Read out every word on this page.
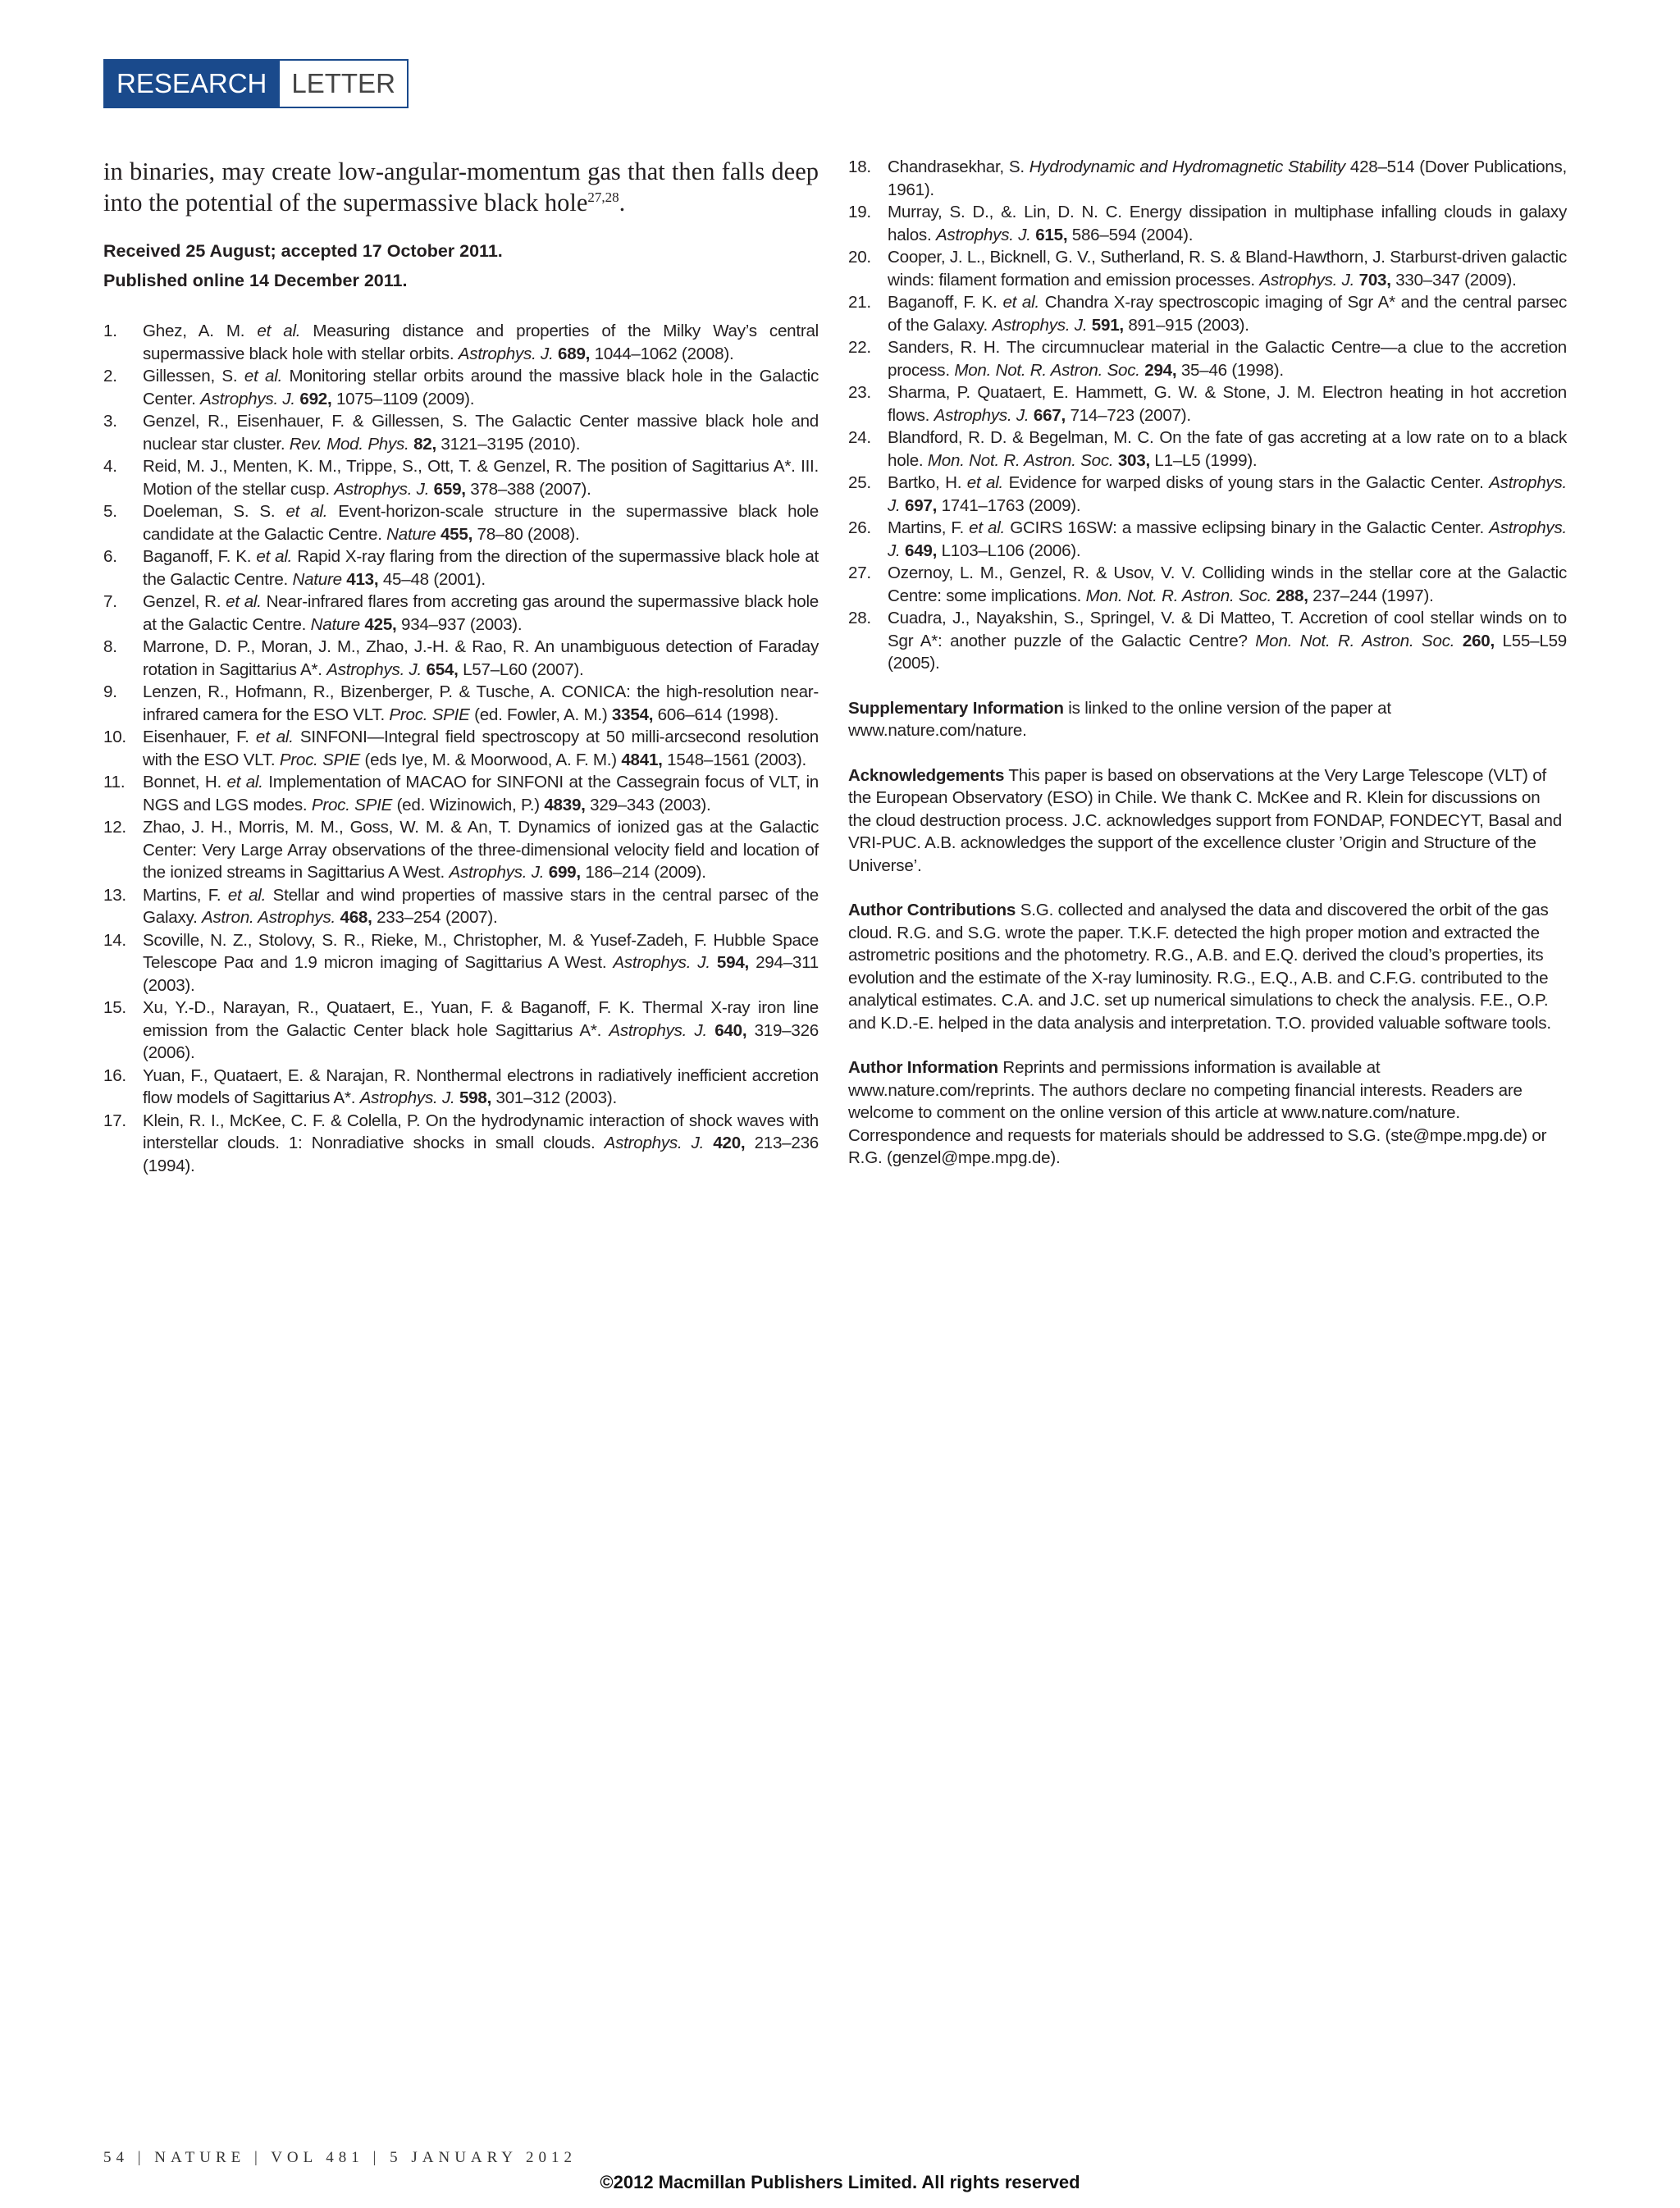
RESEARCH LETTER

in binaries, may create low-angular-momentum gas that then falls deep into the potential of the supermassive black hole$^{27,28}$.

Received 25 August; accepted 17 October 2011.
Published online 14 December 2011.
1.	Ghez, A. M. et al. Measuring distance and properties of the Milky Way’s central supermassive black hole with stellar orbits. Astrophys. J. 689, 1044–1062 (2008).
2.	Gillessen, S. et al. Monitoring stellar orbits around the massive black hole in the Galactic Center. Astrophys. J. 692, 1075–1109 (2009).
3.	Genzel, R., Eisenhauer, F. & Gillessen, S. The Galactic Center massive black hole and nuclear star cluster. Rev. Mod. Phys. 82, 3121–3195 (2010).
4.	Reid, M. J., Menten, K. M., Trippe, S., Ott, T. & Genzel, R. The position of Sagittarius A*. III. Motion of the stellar cusp. Astrophys. J. 659, 378–388 (2007).
5.	Doeleman, S. S. et al. Event-horizon-scale structure in the supermassive black hole candidate at the Galactic Centre. Nature 455, 78–80 (2008).
6.	Baganoff, F. K. et al. Rapid X-ray flaring from the direction of the supermassive black hole at the Galactic Centre. Nature 413, 45–48 (2001).
7.	Genzel, R. et al. Near-infrared flares from accreting gas around the supermassive black hole at the Galactic Centre. Nature 425, 934–937 (2003).
8.	Marrone, D. P., Moran, J. M., Zhao, J.-H. & Rao, R. An unambiguous detection of Faraday rotation in Sagittarius A*. Astrophys. J. 654, L57–L60 (2007).
9.	Lenzen, R., Hofmann, R., Bizenberger, P. & Tusche, A. CONICA: the high-resolution near-infrared camera for the ESO VLT. Proc. SPIE (ed. Fowler, A. M.) 3354, 606–614 (1998).
10. Eisenhauer, F. et al. SINFONI—Integral field spectroscopy at 50 milli-arcsecond resolution with the ESO VLT. Proc. SPIE (eds Iye, M. & Moorwood, A. F. M.) 4841, 1548–1561 (2003).
11.	Bonnet, H. et al. Implementation of MACAO for SINFONI at the Cassegrain focus of VLT, in NGS and LGS modes. Proc. SPIE (ed. Wizinowich, P.) 4839, 329–343 (2003).
12. Zhao, J. H., Morris, M. M., Goss, W. M. & An, T. Dynamics of ionized gas at the Galactic Center: Very Large Array observations of the three-dimensional velocity field and location of the ionized streams in Sagittarius A West. Astrophys. J. 699, 186–214 (2009).
13. Martins, F. et al. Stellar and wind properties of massive stars in the central parsec of the Galaxy. Astron. Astrophys. 468, 233–254 (2007).
14. Scoville, N. Z., Stolovy, S. R., Rieke, M., Christopher, M. & Yusef-Zadeh, F. Hubble Space Telescope Paα and 1.9 micron imaging of Sagittarius A West. Astrophys. J. 594, 294–311 (2003).
15. Xu, Y.-D., Narayan, R., Quataert, E., Yuan, F. & Baganoff, F. K. Thermal X-ray iron line emission from the Galactic Center black hole Sagittarius A*. Astrophys. J. 640, 319–326 (2006).
16. Yuan, F., Quataert, E. & Narajan, R. Nonthermal electrons in radiatively inefficient accretion flow models of Sagittarius A*. Astrophys. J. 598, 301–312 (2003).
17. Klein, R. I., McKee, C. F. & Colella, P. On the hydrodynamic interaction of shock waves with interstellar clouds. 1: Nonradiative shocks in small clouds. Astrophys. J. 420, 213–236 (1994).
18. Chandrasekhar, S. Hydrodynamic and Hydromagnetic Stability 428–514 (Dover Publications, 1961).
19. Murray, S. D., &. Lin, D. N. C. Energy dissipation in multiphase infalling clouds in galaxy halos. Astrophys. J. 615, 586–594 (2004).
20. Cooper, J. L., Bicknell, G. V., Sutherland, R. S. & Bland-Hawthorn, J. Starburst-driven galactic winds: filament formation and emission processes. Astrophys. J. 703, 330–347 (2009).
21. Baganoff, F. K. et al. Chandra X-ray spectroscopic imaging of Sgr A* and the central parsec of the Galaxy. Astrophys. J. 591, 891–915 (2003).
22. Sanders, R. H. The circumnuclear material in the Galactic Centre—a clue to the accretion process. Mon. Not. R. Astron. Soc. 294, 35–46 (1998).
23. Sharma, P. Quataert, E. Hammett, G. W. & Stone, J. M. Electron heating in hot accretion flows. Astrophys. J. 667, 714–723 (2007).
24. Blandford, R. D. & Begelman, M. C. On the fate of gas accreting at a low rate on to a black hole. Mon. Not. R. Astron. Soc. 303, L1–L5 (1999).
25. Bartko, H. et al. Evidence for warped disks of young stars in the Galactic Center. Astrophys. J. 697, 1741–1763 (2009).
26. Martins, F. et al. GCIRS 16SW: a massive eclipsing binary in the Galactic Center. Astrophys. J. 649, L103–L106 (2006).
27. Ozernoy, L. M., Genzel, R. & Usov, V. V. Colliding winds in the stellar core at the Galactic Centre: some implications. Mon. Not. R. Astron. Soc. 288, 237–244 (1997).
28. Cuadra, J., Nayakshin, S., Springel, V. & Di Matteo, T. Accretion of cool stellar winds on to Sgr A*: another puzzle of the Galactic Centre? Mon. Not. R. Astron. Soc. 260, L55–L59 (2005).

Supplementary Information is linked to the online version of the paper at www.nature.com/nature.

Acknowledgements This paper is based on observations at the Very Large Telescope (VLT) of the European Observatory (ESO) in Chile. We thank C. McKee and R. Klein for discussions on the cloud destruction process. J.C. acknowledges support from FONDAP, FONDECYT, Basal and VRI-PUC. A.B. acknowledges the support of the excellence cluster ’Origin and Structure of the Universe’.

Author Contributions S.G. collected and analysed the data and discovered the orbit of the gas cloud. R.G. and S.G. wrote the paper. T.K.F. detected the high proper motion and extracted the astrometric positions and the photometry. R.G., A.B. and E.Q. derived the cloud’s properties, its evolution and the estimate of the X-ray luminosity. R.G., E.Q., A.B. and C.F.G. contributed to the analytical estimates. C.A. and J.C. set up numerical simulations to check the analysis. F.E., O.P. and K.D.-E. helped in the data analysis and interpretation. T.O. provided valuable software tools.

Author Information Reprints and permissions information is available at www.nature.com/reprints. The authors declare no competing financial interests. Readers are welcome to comment on the online version of this article at www.nature.com/nature. Correspondence and requests for materials should be addressed to S.G. (ste@mpe.mpg.de) or R.G. (genzel@mpe.mpg.de).

54 | NATURE | VOL 481 | 5 JANUARY 2012
©2012 Macmillan Publishers Limited. All rights reserved
